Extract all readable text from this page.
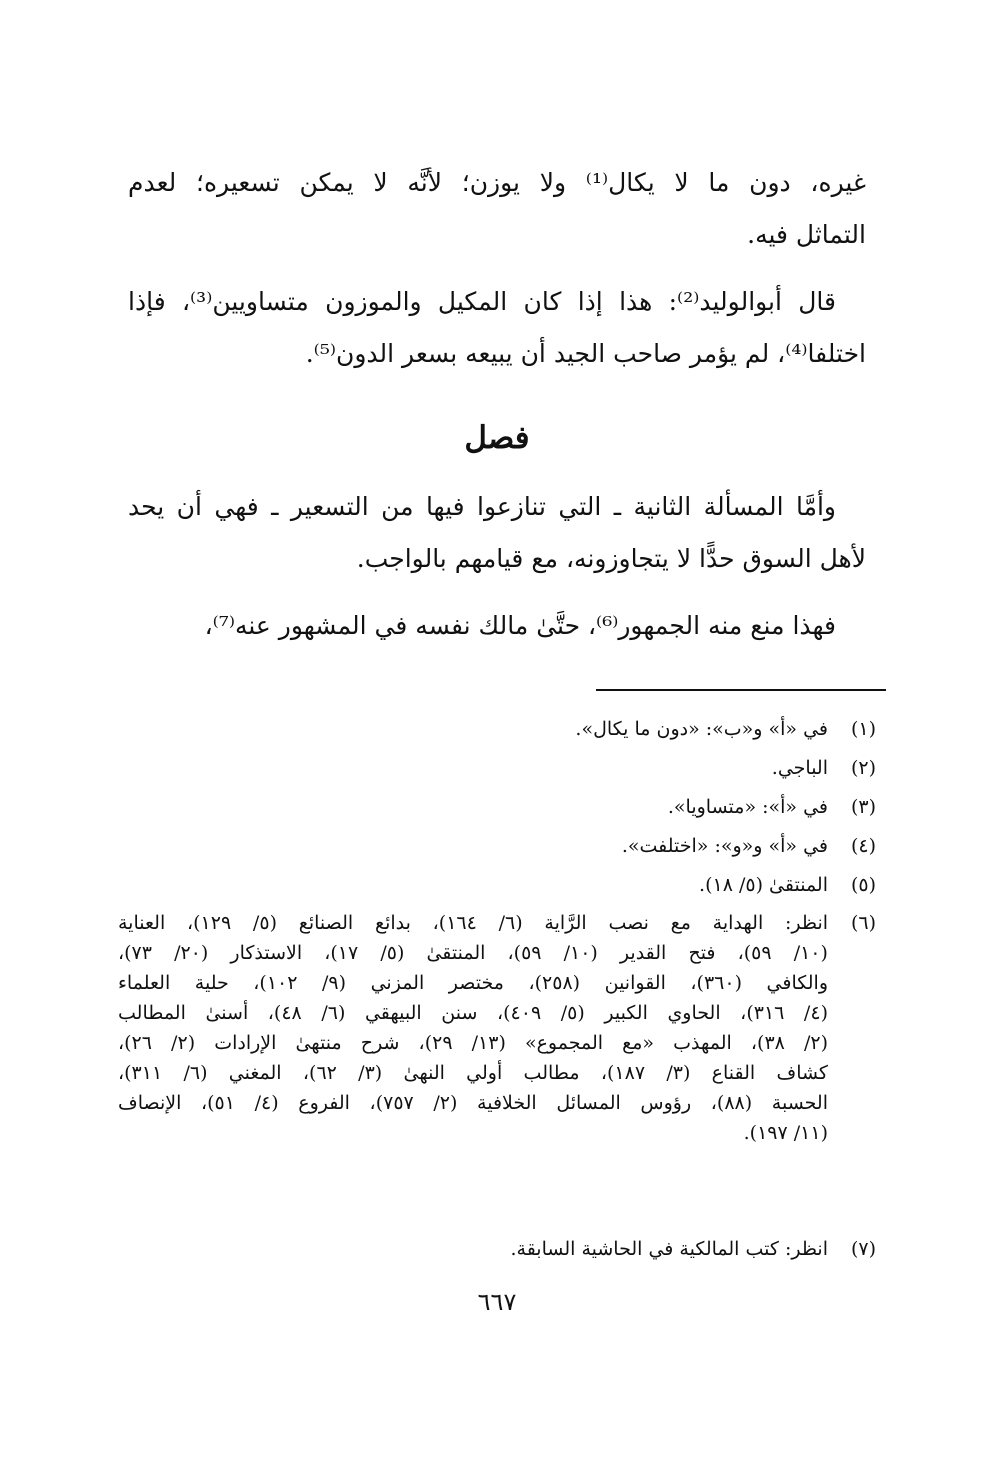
غيره، دون ما لا يكال⁽¹⁾ ولا يوزن؛ لأنَّه لا يمكن تسعيره؛ لعدم
التماثل فيه.
قال أبوالوليد⁽²⁾: هذا إذا كان المكيل والموزون متساويين⁽³⁾، فإذا
اختلفا⁽⁴⁾، لم يؤمر صاحب الجيد أن يبيعه بسعر الدون⁽⁵⁾.
فصل
وأمَّا المسألة الثانية ـ التي تنازعوا فيها من التسعير ـ فهي أن يحد
لأهل السوق حدًّا لا يتجاوزونه، مع قيامهم بالواجب.
فهذا منع منه الجمهور⁽⁶⁾، حتَّىٰ مالك نفسه في المشهور عنه⁽⁷⁾،
(١)
في «أ» و«ب»: «دون ما يكال».
(٢)
الباجي.
(٣)
في «أ»: «متساويا».
(٤)
في «أ» و«و»: «اختلفت».
(٥)
المنتقىٰ (٥/ ١٨).
(٦)
انظر: الهداية مع نصب الرَّاية (٦/ ١٦٤)، بدائع الصنائع (٥/ ١٢٩)، العناية
(١٠/ ٥٩)، فتح القدير (١٠/ ٥٩)، المنتقىٰ (٥/ ١٧)، الاستذكار (٢٠/ ٧٣)،
والكافي (٣٦٠)، القوانين (٢٥٨)، مختصر المزني (٩/ ١٠٢)، حلية العلماء
(٤/ ٣١٦)، الحاوي الكبير (٥/ ٤٠٩)، سنن البيهقي (٦/ ٤٨)، أسنىٰ المطالب
(٢/ ٣٨)، المهذب «مع المجموع» (١٣/ ٢٩)، شرح منتهىٰ الإرادات (٢/ ٢٦)،
كشاف القناع (٣/ ١٨٧)، مطالب أولي النهىٰ (٣/ ٦٢)، المغني (٦/ ٣١١)،
الحسبة (٨٨)، رؤوس المسائل الخلافية (٢/ ٧٥٧)، الفروع (٤/ ٥١)، الإنصاف
(١١/ ١٩٧).
(٧)
انظر: كتب المالكية في الحاشية السابقة.
٦٦٧
